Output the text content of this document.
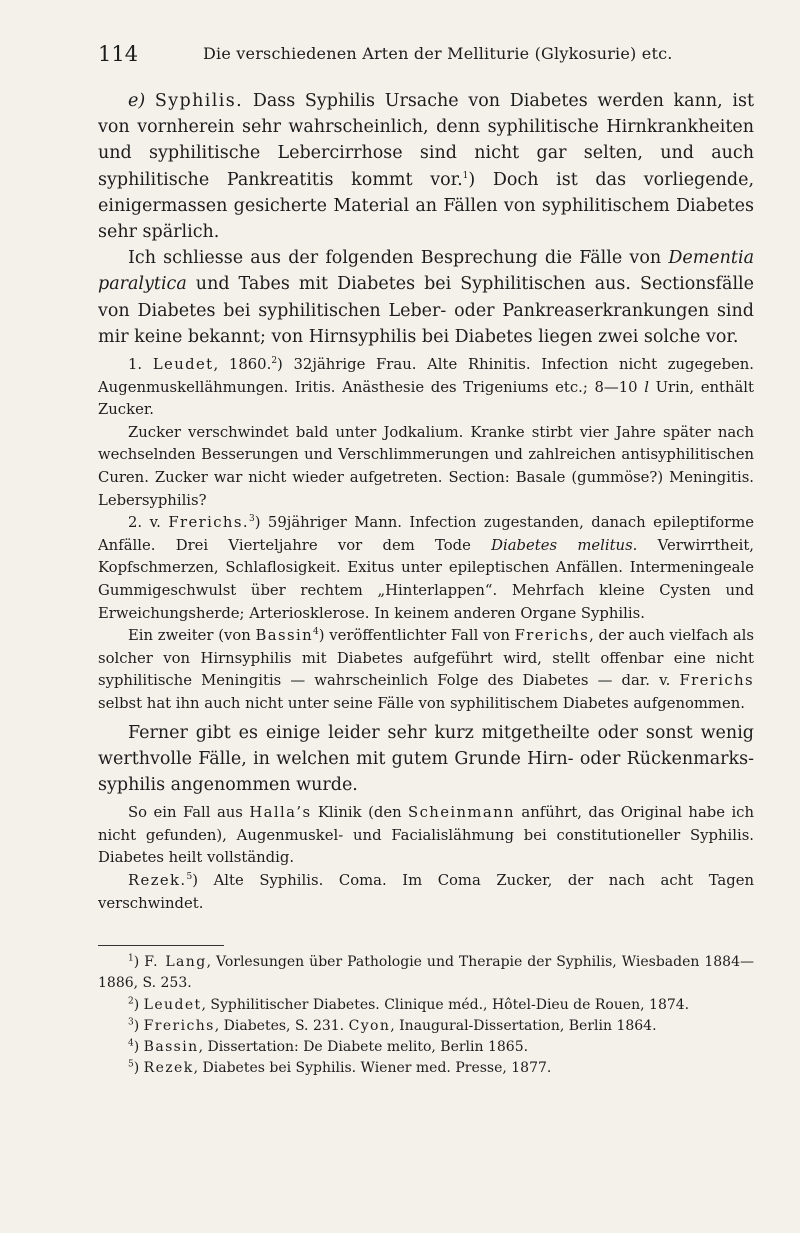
114	Die verschiedenen Arten der Melliturie (Glykosurie) etc.

e) Syphilis. Dass Syphilis Ursache von Diabetes werden kann, ist von vornherein sehr wahrscheinlich, denn syphilitische Hirnkrankheiten und syphilitische Lebercirrhose sind nicht gar selten, und auch syphilitische Pankreatitis kommt vor.$^1$) Doch ist das vorliegende, einigermassen gesicherte Material an Fällen von syphilitischem Diabetes sehr spärlich.

Ich schliesse aus der folgenden Besprechung die Fälle von Dementia paralytica und Tabes mit Diabetes bei Syphilitischen aus. Sectionsfälle von Diabetes bei syphilitischen Leber- oder Pankreaserkrankungen sind mir keine bekannt; von Hirnsyphilis bei Diabetes liegen zwei solche vor.

1. Leudet, 1860.$^2$) 32jährige Frau. Alte Rhinitis. Infection nicht zugegeben. Augenmuskellähmungen. Iritis. Anästhesie des Trigeniums etc.; 8—10 l Urin, enthält Zucker.

Zucker verschwindet bald unter Jodkalium. Kranke stirbt vier Jahre später nach wechselnden Besserungen und Verschlimmerungen und zahlreichen antisyphilitischen Curen. Zucker war nicht wieder aufgetreten. Section: Basale (gummöse?) Meningitis. Lebersyphilis?

2. v. Frerichs.$^3$) 59jähriger Mann. Infection zugestanden, danach epileptiforme Anfälle. Drei Vierteljahre vor dem Tode Diabetes melitus. Verwirrtheit, Kopfschmerzen, Schlaflosigkeit. Exitus unter epileptischen Anfällen. Intermeningeale Gummigeschwulst über rechtem „Hinterlappen“. Mehrfach kleine Cysten und Erweichungsherde; Arteriosklerose. In keinem anderen Organe Syphilis.

Ein zweiter (von Bassin$^4$) veröffentlichter Fall von Frerichs, der auch vielfach als solcher von Hirnsyphilis mit Diabetes aufgeführt wird, stellt offenbar eine nicht syphilitische Meningitis — wahrscheinlich Folge des Diabetes — dar. v. Frerichs selbst hat ihn auch nicht unter seine Fälle von syphilitischem Diabetes aufgenommen.

Ferner gibt es einige leider sehr kurz mitgetheilte oder sonst wenig werthvolle Fälle, in welchen mit gutem Grunde Hirn- oder Rückenmarks-syphilis angenommen wurde.

So ein Fall aus Halla’s Klinik (den Scheinmann anführt, das Original habe ich nicht gefunden), Augenmuskel- und Facialislähmung bei constitutioneller Syphilis. Diabetes heilt vollständig.

Rezek.$^5$) Alte Syphilis. Coma. Im Coma Zucker, der nach acht Tagen verschwindet.

$^1$) F. Lang, Vorlesungen über Pathologie und Therapie der Syphilis, Wiesbaden 1884—1886, S. 253.

$^2$) Leudet, Syphilitischer Diabetes. Clinique méd., Hôtel-Dieu de Rouen, 1874.

$^3$) Frerichs, Diabetes, S. 231. Cyon, Inaugural-Dissertation, Berlin 1864.

$^4$) Bassin, Dissertation: De Diabete melito, Berlin 1865.

$^5$) Rezek, Diabetes bei Syphilis. Wiener med. Presse, 1877.
